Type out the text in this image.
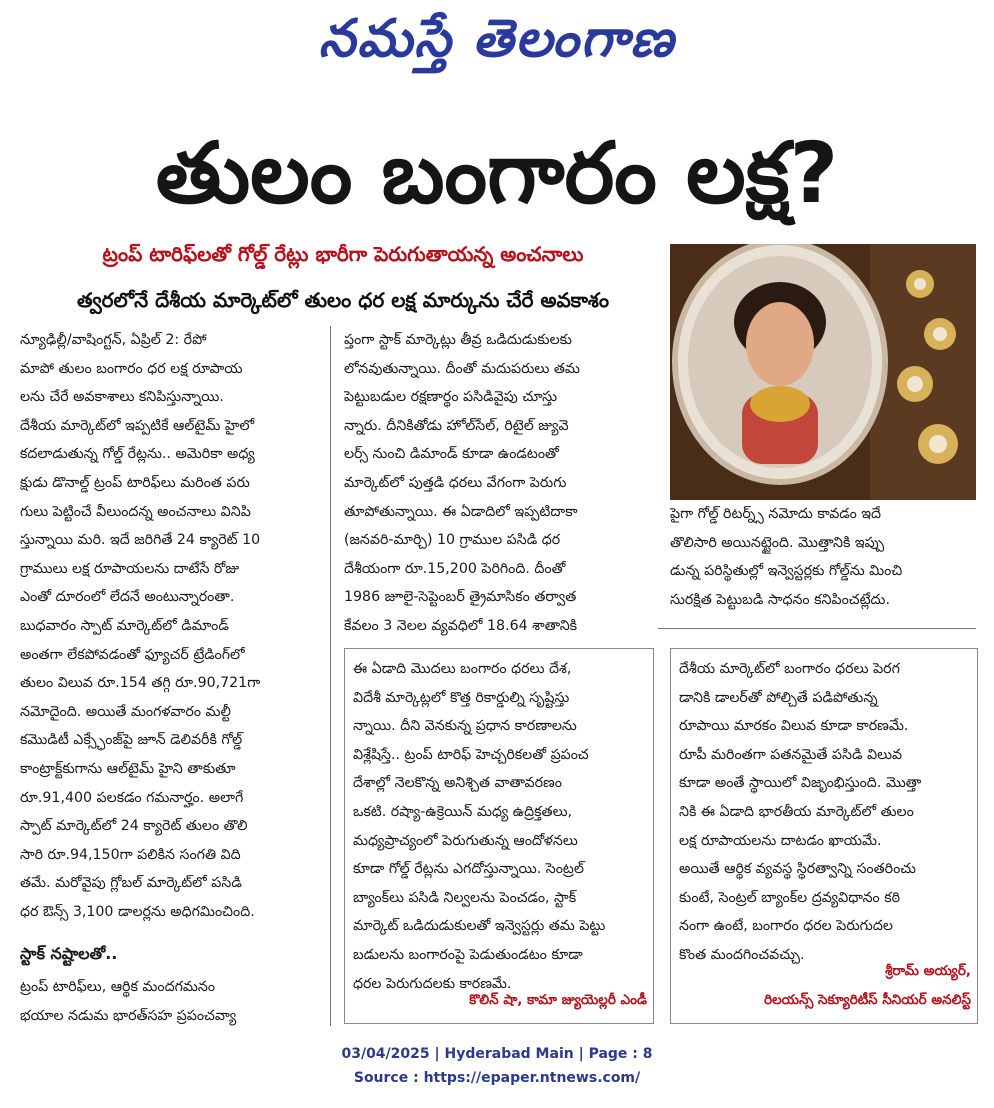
నమస్తే తెలంగాణ
తులం బంగారం లక్ష?
ట్రంప్ టారిఫ్‌లతో గోల్డ్ రేట్లు భారీగా పెరుగుతాయన్న అంచనాలు
త్వరలోనే దేశీయ మార్కెట్‌లో తులం ధర లక్ష మార్కును చేరే అవకాశం

న్యూఢిల్లీ/వాషింగ్టన్, ఏప్రిల్ 2: రేపో

మాపో తులం బంగారం ధర లక్ష రూపాయ

లను చేరే అవకాశాలు కనిపిస్తున్నాయి.

దేశీయ మార్కెట్‌లో ఇప్పటికే ఆల్‌టైమ్ హైలో

కదలాడుతున్న గోల్డ్ రేట్లను.. అమెరికా అధ్య

క్షుడు డొనాల్డ్ ట్రంప్ టారిఫ్‌లు మరింత పరు

గులు పెట్టించే వీలుందన్న అంచనాలు వినిపి

స్తున్నాయి మరి. ఇదే జరిగితే 24 క్యారెట్ 10

గ్రాములు లక్ష రూపాయలను దాటేసే రోజు

ఎంతో దూరంలో లేదనే అంటున్నారంతా.

బుధవారం స్పాట్ మార్కెట్‌లో డిమాండ్

అంతగా లేకపోవడంతో ఫ్యూచర్ ట్రేడింగ్‌లో

తులం విలువ రూ.154 తగ్గి రూ.90,721గా

నమోదైంది. అయితే మంగళవారం మల్టీ

కమొడిటీ ఎక్స్ఛేంజ్‌పై జూన్ డెలివరీకి గోల్డ్

కాంట్రాక్ట్‌కుగాను ఆల్‌టైమ్ హైని తాకుతూ

రూ.91,400 పలకడం గమనార్హం. అలాగే

స్పాట్ మార్కెట్‌లో 24 క్యారెట్ తులం తొలి

సారి రూ.94,150గా పలికిన సంగతి విది

తమే. మరోవైపు గ్లోబల్ మార్కెట్‌లో పసిడి

ధర ఔన్స్ 3,100 డాలర్లను అధిగమించింది.

స్టాక్ నష్టాలతో..

ట్రంప్ టారిఫ్‌లు, ఆర్థిక మందగమనం

భయాల నడుమ భారత్‌సహ ప్రపంచవ్యా

ప్తంగా స్టాక్ మార్కెట్లు తీవ్ర ఒడిదుడుకులకు

లోనవుతున్నాయి. దీంతో మదుపరులు తమ

పెట్టుబడుల రక్షణార్థం పసిడివైపు చూస్తు

న్నారు. దీనికితోడు హోల్‌సేల్, రిటైల్ జ్యువె

లర్స్ నుంచి డిమాండ్ కూడా ఉండటంతో

మార్కెట్‌లో పుత్తడి ధరలు వేగంగా పెరుగు

తూపోతున్నాయి. ఈ ఏడాదిలో ఇప్పటిదాకా

(జనవరి-మార్చి) 10 గ్రాముల పసిడి ధర

దేశీయంగా రూ.15,200 పెరిగింది. దీంతో

1986 జూలై-సెప్టెంబర్ త్రైమాసికం తర్వాత

కేవలం 3 నెలల వ్యవధిలో 18.64 శాతానికి

పైగా గోల్డ్ రిటర్న్స్ నమోదు కావడం ఇదే

తొలిసారి అయినట్టైంది. మొత్తానికి ఇప్పు

డున్న పరిస్థితుల్లో ఇన్వెస్టర్లకు గోల్డ్‌ను మించి

సురక్షిత పెట్టుబడి సాధనం కనిపించట్లేదు.

ఈ ఏడాది మొదలు బంగారం ధరలు దేశ,

విదేశీ మార్కెట్లలో కొత్త రికార్డుల్ని సృష్టిస్తు

న్నాయి. దీని వెనకున్న ప్రధాన కారణాలను

విశ్లేషిస్తే.. ట్రంప్ టారిఫ్ హెచ్చరికలతో ప్రపంచ

దేశాల్లో నెలకొన్న అనిశ్చిత వాతావరణం

ఒకటి. రష్యా-ఉక్రెయిన్ మధ్య ఉద్రిక్తతలు,

మధ్యప్రాచ్యంలో పెరుగుతున్న ఆందోళనలు

కూడా గోల్డ్ రేట్లను ఎగదోస్తున్నాయి. సెంట్రల్

బ్యాంక్‌లు పసిడి నిల్వలను పెంచడం, స్టాక్

మార్కెట్ ఒడిదుడుకులతో ఇన్వెస్టర్లు తమ పెట్టు

బడులను బంగారంపై పెడుతుండటం కూడా

ధరల పెరుగుదలకు కారణమే.

కొలిన్ షా, కామా జ్యుయెల్లరీ ఎండీ

దేశీయ మార్కెట్‌లో బంగారం ధరలు పెరగ

డానికి డాలర్‌తో పోల్చితే పడిపోతున్న

రూపాయి మారకం విలువ కూడా కారణమే.

రూపీ మరింతగా పతనమైతే పసిడి విలువ

కూడా అంతే స్థాయిలో విజృంభిస్తుంది. మొత్తా

నికి ఈ ఏడాది భారతీయ మార్కెట్‌లో తులం

లక్ష రూపాయలను దాటడం ఖాయమే.

అయితే ఆర్థిక వ్యవస్థ స్థిరత్వాన్ని సంతరించు

కుంటే, సెంట్రల్ బ్యాంక్‌ల ద్రవ్యవిధానం కఠి

నంగా ఉంటే, బంగారం ధరల పెరుగుదల

కొంత మందగించవచ్చు.

శ్రీరామ్ అయ్యర్,
రిలయన్స్ సెక్యూరిటీస్ సీనియర్ అనలిస్ట్
03/04/2025 | Hyderabad Main | Page : 8
Source : https://epaper.ntnews.com/
